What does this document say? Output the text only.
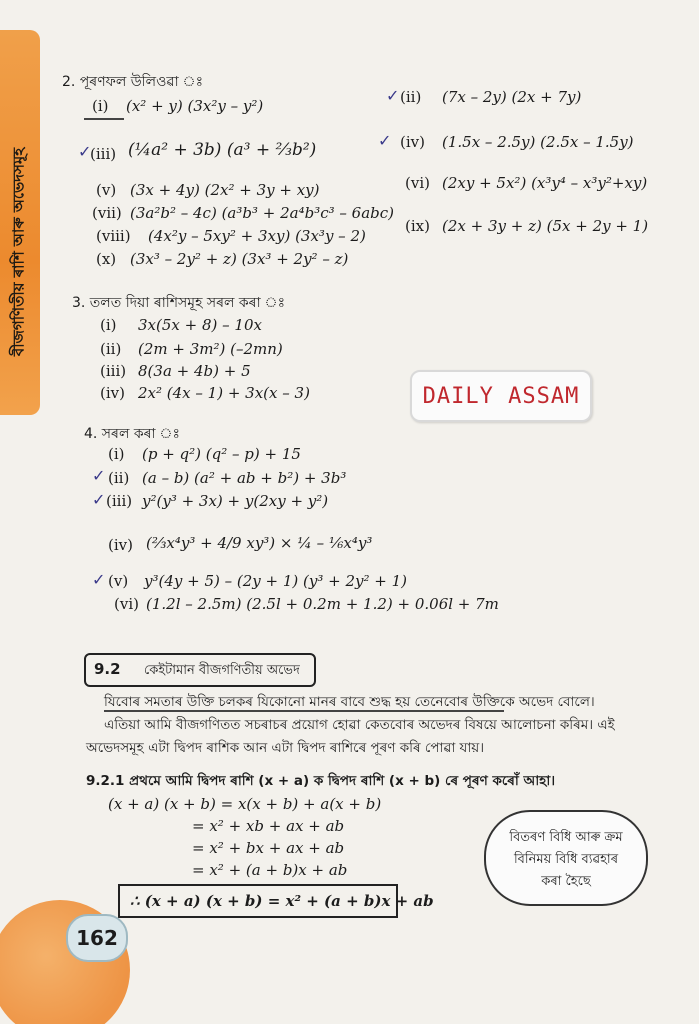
বীজগণিতীয় ৰাশি আৰু অভেদসমূহ
2. পূৰণফল উলিওৱা ঃ
(i) (x² + y) (3x²y – y²)	(ii) (7x – 2y) (2x + 7y)
(iii) (¼a² + 3b) (a³ + ⅔b²)	(iv) (1.5x – 2.5y) (2.5x – 1.5y)
(v) (3x + 4y) (2x² + 3y + xy)	(vi) (2xy + 5x²) (x³y⁴ – x³y²+xy)
(vii) (3a²b² – 4c) (a³b³ + 2a⁴b³c³ – 6abc)
(viii) (4x²y – 5xy² + 3xy) (3x³y – 2)
(ix) (2x + 3y + z) (5x + 2y + 1)
(x) (3x³ – 2y² + z) (3x³ + 2y² – z)
3. তলত দিয়া ৰাশিসমূহ সৰল কৰা ঃ
(i) 3x(5x + 8) – 10x
(ii) (2m + 3m²) (–2mn)
(iii) 8(3a + 4b) + 5
(iv) 2x² (4x – 1) + 3x(x – 3)	DAILY ASSAM
4. সৰল কৰা ঃ
(i) (p + q²) (q² – p) + 15
(ii) (a – b) (a² + ab + b²) + 3b³
(iii) y²(y³ + 3x) + y(2xy + y²)
(iv) (⅔x⁴y³ + 4/9 xy³) × ¼ – ⅙x⁴y³
(v) y³(4y + 5) – (2y + 1) (y³ + 2y² + 1)
(vi) (1.2l – 2.5m) (2.5l + 0.2m + 1.2) + 0.06l + 7m
✓
✓
✓
✓
✓
✓
9.2 কেইটামান বীজগণিতীয় অভেদ
যিবোৰ সমতাৰ উক্তি চলকৰ যিকোনো মানৰ বাবে শুদ্ধ হয় তেনেবোৰ উক্তিকে অভেদ বোলে।
এতিয়া আমি বীজগণিতত সচৰাচৰ প্ৰয়োগ হোৱা কেতবোৰ অভেদৰ বিষয়ে আলোচনা কৰিম। এই
অভেদসমূহ এটা দ্বিপদ ৰাশিক আন এটা দ্বিপদ ৰাশিৰে পূৰণ কৰি পোৱা যায়।
9.2.1 প্ৰথমে আমি দ্বিপদ ৰাশি (x + a) ক দ্বিপদ ৰাশি (x + b) ৰে পূৰণ কৰোঁ আহা।
(x + a) (x + b) = x(x + b) + a(x + b)
= x² + xb + ax + ab
= x² + bx + ax + ab
= x² + (a + b)x + ab
বিতৰণ বিধি আৰু ক্ৰম
বিনিময় বিধি ব্যৱহাৰ
কৰা হৈছে
∴ (x + a) (x + b) = x² + (a + b)x + ab
162
